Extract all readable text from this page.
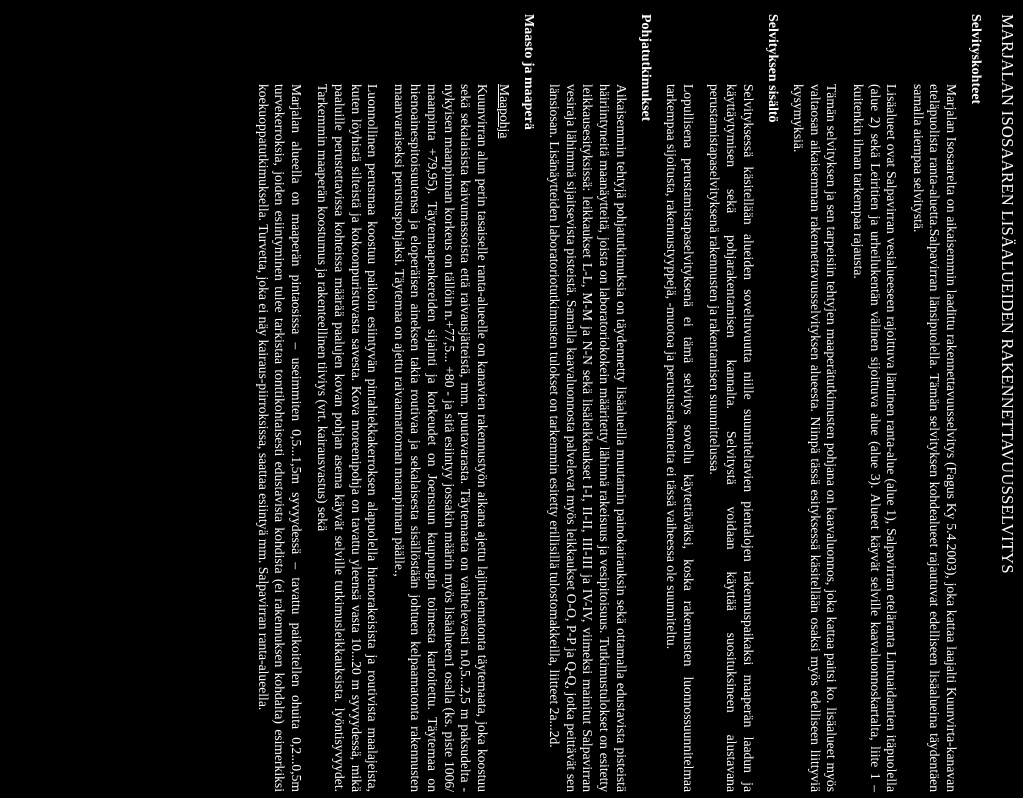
MARJALAN ISOSAAREN LISÄALUEIDEN RAKENNETTAVUUSSELVITYS
Selvityskohteet

Marjalan Isosaarelta on aikaisemmin laadittu rakennettavuusselvitys (Fagus Ky 5.4.2003), joka kattaa laajalti Kuunvirta-kanavan eteläpuolista ranta-aluetta.Salpavirran länsipuolella. Tämän selvityksen kohdealueet rajautuvat edelliseen lisäalueina täydentäen samalla aiempaa selvitystä.

Lisäalueet ovat Salpavirran vesialueeseen rajoittuva läntinen ranta-alue (alue 1), Salpavirran eteläranta Lintuaidantien itäpuolella (alue 2) sekä Leiritien ja urheilukentän välinen sijoittuva alue (alue 3). Alueet käyvät selville kaavaluonnoskartalta, liite 1 – kuitenkin ilman tarkempaa rajausta.

Tämän selvityksen ja sen tarpeisiin tehtyjen maaperätutkimusten pohjana on kaavaluonnos, joka kattaa paitsi ko. lisäalueet myös valtaosan aikaisemman rakennettavuusselvityksen alueesta. Niinpä tässä esityksessä käsitellään osaksi myös edelliseen liittyviä kysymyksiä.

Selvityksen sisältö

Selvityksessä käsitellään alueiden soveltuvuutta niille suunniteltavien pientalojen rakennuspaikaksi maaperän laadun ja käyttäytymisen sekä pohjarakentamisen kannalta. Selvitystä voidaan käyttää suosituksineen alustavana perustamistapaselvityksenä rakennusten ja rakentamisen suunnittelussa.

Lopullisena perustamistapaselvityksenä ei tämä selvitys sovellu käytettäväksi, koska rakennusten luonnossuunnitelmaa tarkempaa sijoitusta, rakennustyyppejä, -muotoa ja perustusrakenteita ei tässä vaiheessa ole suunniteltu.

Pohjatutkimukset

Aikaisemmin tehtyjä pohjatutkimuksia on täydennetty lisäalueilla muutamin painokairauksin sekä ottamalla edustavista pisteistä häiriintyneitä maanäytteitä, joista on laboratoriokokein määritetty lähinnä rakeisuus ja vesipitoisuus. Tutkimustulokset on esitetty leikkausesityksissä: leikkaukset L-L, M-M ja N-N sekä lisäleikkaukset I-I, II-II, III-III ja IV-IV, viimeksi mainitut Salpavirran vesiraja lähimmä sijaitsevista pisteistä. Samalla kaavaluonnosta palvelevat myös leikkaukset O-O, P-P ja Q-Q, jotka peittävät sen länsiosan. Lisänäytteiden laboratoriotutkimusten tulokset on tarkemmin esitetty erillisillä tulostomakkeilla, liitteet 2a...2d.

Maasto ja maaperä
Maapohja

Kuunvirran alun perin tasaiselle ranta-alueelle on kanavien rakennustyön aikana ajettu lajittelematonta täytemaata, joka koostuu sekä sekalaisista kaivumassoista että raivausjätteistä, mm. puutavarasta. Täytemaata on vaihtelevasti n.0,5...2,5 m paksudelta - nykyisen maanpinnan korkeus on tällöin n.+77,5... +80 - ja sitä esiintyy jossakin määrin myös lisäalueen1 osalla (ks. piste 1006/ maanpinta +79,95). Täytemaapenkereiden sijainti ja korkeudet on Joensuun kaupungin toimesta kartoitettu. Täytemaa on hienoainespitoisuutensa ja eloperäisen aineksen takia routivaa ja sekalaisesta sisällöstään johtuen kelpaamatonta rakennusten maanvaraiseksi perustuspohjaksi. Täytemaa on ajettu raivaamattoman maanpinnan päälle.,

Luonnollinen perusmaa koostuu paikoin esiintyvän pintahiekkakerroksen alapuolella hienorakeisista ja routivista maalajeista, kuten löyhistä silteistä ja kokoonpuristuvasta savesta. Kova moreenipohja on tavattu yleensä vasta 10...20 m syvyydessä, mikä paaluille perustettavissa kohteissa määrää paalujen kovan pohjan asema käyvät selville tutkimusleikkauksista. lyöntisyvyydet. Tarkemmin maaperän koostumus ja rakenteellinen tiiviys (vrt. kairausvastus) sekä

Marjalan alueella on maaperän pintaosissa – useimmiten 0,5...1,5m syvyydessä – tavattu paikoitellen ohuita 0,2...0,5m turvekerroksia, joiden esiintyminen tulee tarkistaa tonttikohtaisesti edustavista kohdista (ei rakennuksen kohdalta) esimerkiksi koekuoppatutkimuksella. Turvetta, joka ei näy kairaus-piirroksissa, saattaa esiintyä mm. Salpavirran ranta-alueella.
